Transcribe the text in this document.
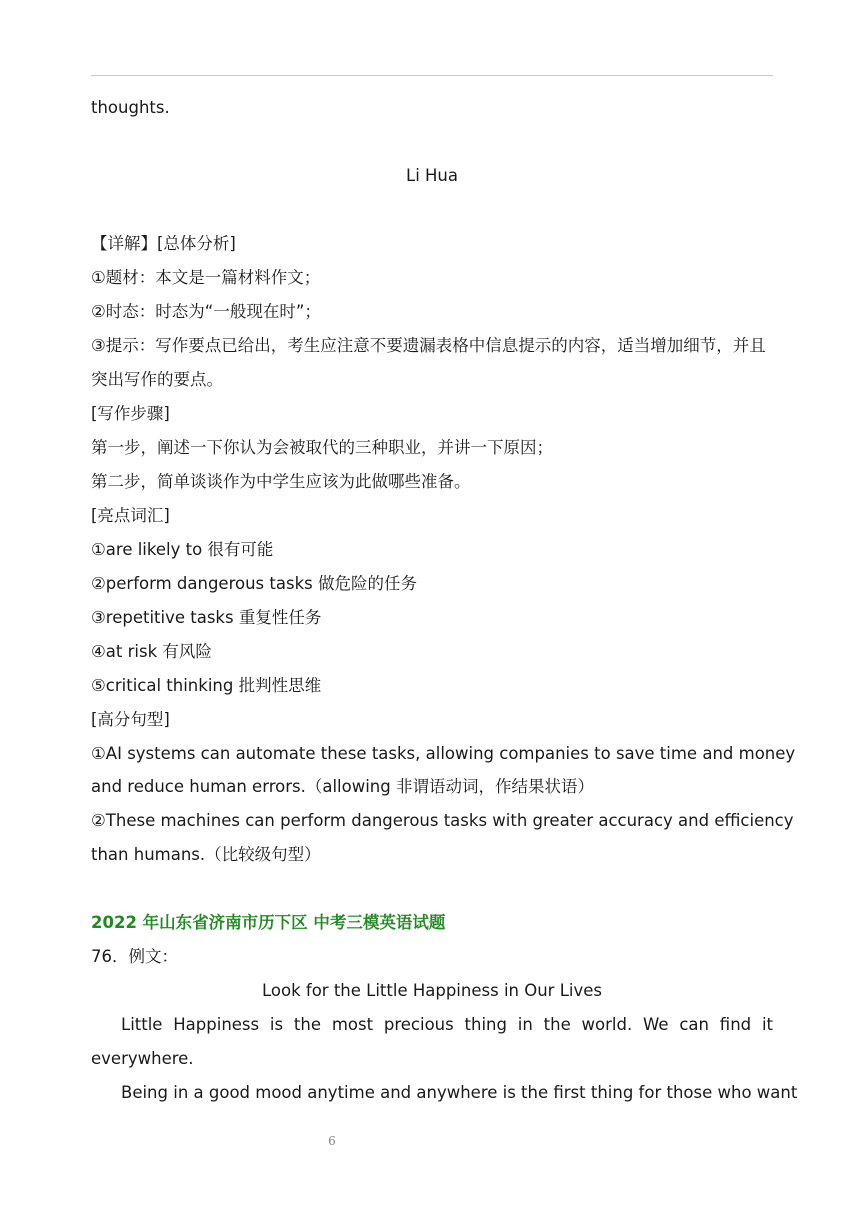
thoughts.
Li Hua
【详解】[总体分析]
①题材：本文是一篇材料作文；
②时态：时态为“一般现在时”；
③提示：写作要点已给出，考生应注意不要遗漏表格中信息提示的内容，适当增加细节，并且
突出写作的要点。
[写作步骤]
第一步，阐述一下你认为会被取代的三种职业，并讲一下原因；
第二步，简单谈谈作为中学生应该为此做哪些准备。
[亮点词汇]
①are likely to 很有可能
②perform dangerous tasks 做危险的任务
③repetitive tasks 重复性任务
④at risk 有风险
⑤critical thinking 批判性思维
[高分句型]
①AI systems can automate these tasks, allowing companies to save time and money
and reduce human errors.（allowing 非谓语动词，作结果状语）
②These machines can perform dangerous tasks with greater accuracy and efficiency
than humans.（比较级句型）
2022 年山东省济南市历下区 中考三模英语试题
76．例文：
Look for the Little Happiness in Our Lives
Little Happiness is the most precious thing in the world. We can find it
everywhere.
Being in a good mood anytime and anywhere is the first thing for those who want
6
